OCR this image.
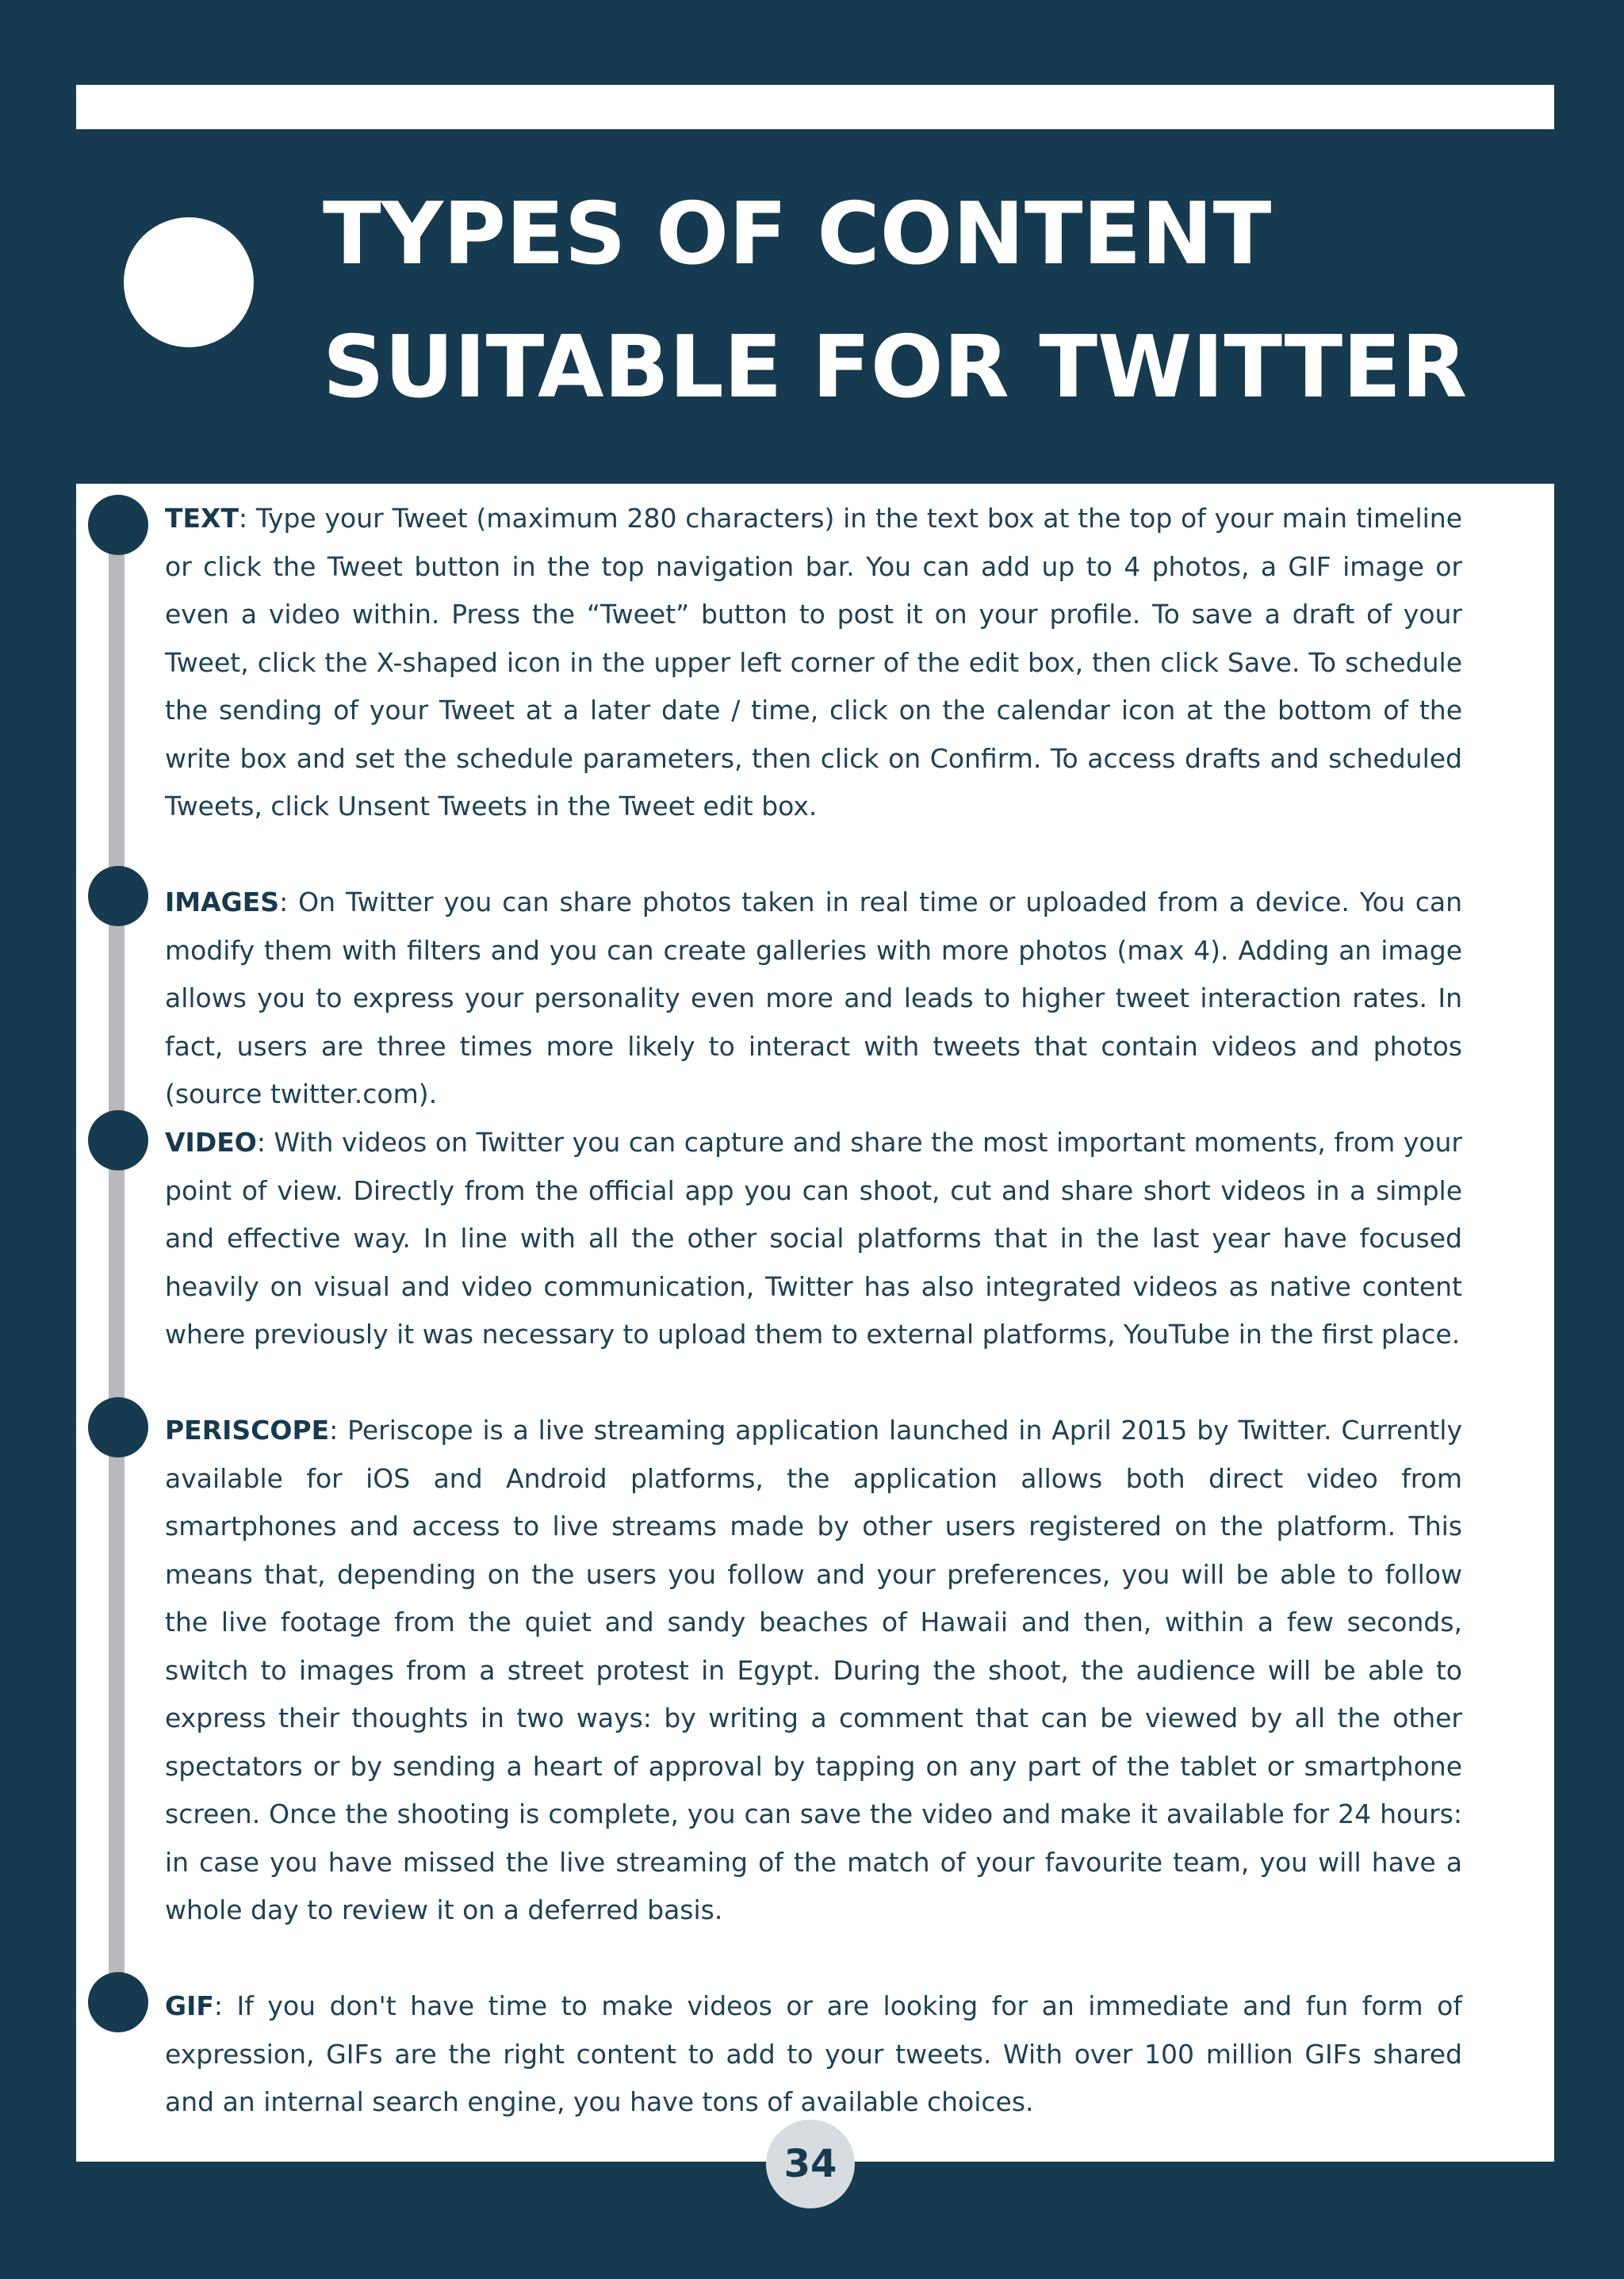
TYPES OF CONTENT
SUITABLE FOR TWITTER

TEXT: Type your Tweet (maximum 280 characters) in the text box at the top of your main timeline or click the Tweet button in the top navigation bar. You can add up to 4 photos, a GIF image or even a video within. Press the “Tweet” button to post it on your profile. To save a draft of your Tweet, click the X-shaped icon in the upper left corner of the edit box, then click Save. To schedule the sending of your Tweet at a later date / time, click on the calendar icon at the bottom of the write box and set the schedule parameters, then click on Confirm. To access drafts and scheduled Tweets, click Unsent Tweets in the Tweet edit box.

IMAGES: On Twitter you can share photos taken in real time or uploaded from a device. You can modify them with filters and you can create galleries with more photos (max 4). Adding an image allows you to express your personality even more and leads to higher tweet interaction rates. In fact, users are three times more likely to interact with tweets that contain videos and photos (source twitter.com).

VIDEO: With videos on Twitter you can capture and share the most important moments, from your point of view. Directly from the official app you can shoot, cut and share short videos in a simple and effective way. In line with all the other social platforms that in the last year have focused heavily on visual and video communication, Twitter has also integrated videos as native content where previously it was necessary to upload them to external platforms, YouTube in the first place.

PERISCOPE: Periscope is a live streaming application launched in April 2015 by Twitter. Currently available for iOS and Android platforms, the application allows both direct video from smartphones and access to live streams made by other users registered on the platform. This means that, depending on the users you follow and your preferences, you will be able to follow the live footage from the quiet and sandy beaches of Hawaii and then, within a few seconds, switch to images from a street protest in Egypt. During the shoot, the audience will be able to express their thoughts in two ways: by writing a comment that can be viewed by all the other spectators or by sending a heart of approval by tapping on any part of the tablet or smartphone screen. Once the shooting is complete, you can save the video and make it available for 24 hours: in case you have missed the live streaming of the match of your favourite team, you will have a whole day to review it on a deferred basis.

GIF: If you don't have time to make videos or are looking for an immediate and fun form of expression, GIFs are the right content to add to your tweets. With over 100 million GIFs shared and an internal search engine, you have tons of available choices.

34
